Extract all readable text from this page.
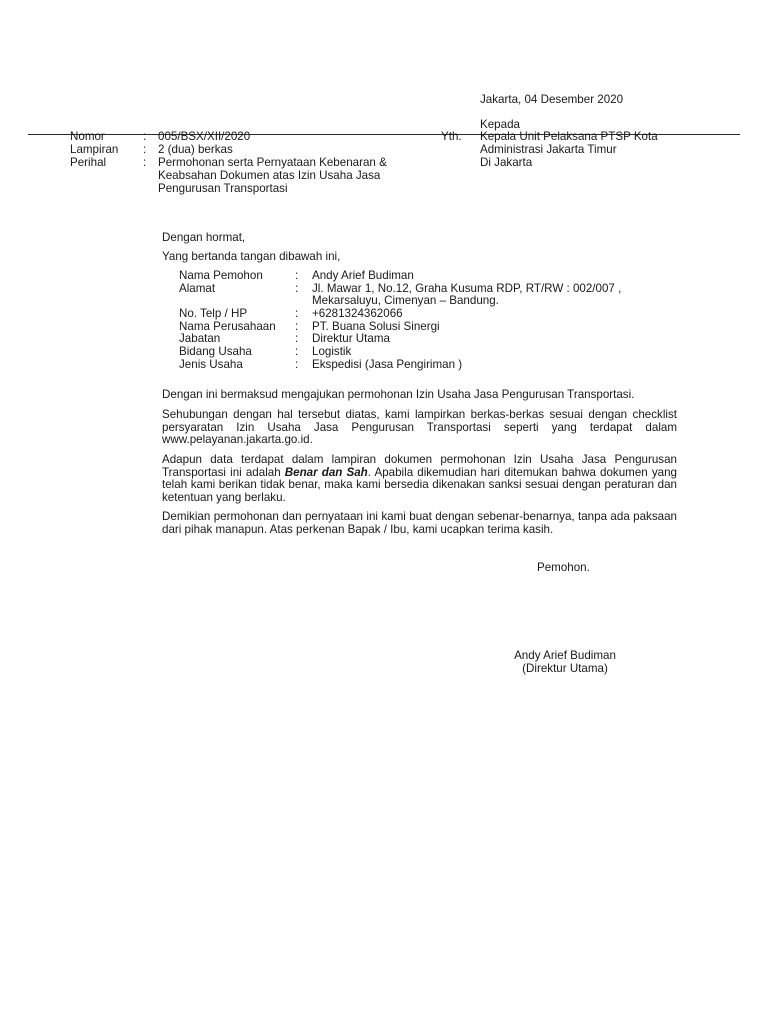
Jakarta, 04 Desember 2020
Kepada
Yth. Kepala Unit Pelaksana PTSP Kota
Administrasi Jakarta Timur
Di Jakarta
Nomor	: 005/BSX/XII/2020
Lampiran : 2 (dua) berkas
Perihal	: Permohonan serta Pernyataan Kebenaran &
Keabsahan Dokumen atas Izin Usaha Jasa
Pengurusan Transportasi
Dengan hormat,
Yang bertanda tangan dibawah ini,
Nama Pemohon	: Andy Arief Budiman
Alamat	: Jl. Mawar 1, No.12, Graha Kusuma RDP, RT/RW : 002/007 ,
Mekarsaluyu, Cimenyan – Bandung.
No. Telp / HP	: +6281324362066
Nama Perusahaan : PT. Buana Solusi Sinergi
Jabatan	: Direktur Utama
Bidang Usaha	: Logistik
Jenis Usaha	: Ekspedisi (Jasa Pengiriman )
Dengan ini bermaksud mengajukan permohonan Izin Usaha Jasa Pengurusan Transportasi.
Sehubungan dengan hal tersebut diatas, kami lampirkan berkas-berkas sesuai dengan checklist persyaratan Izin Usaha Jasa Pengurusan Transportasi seperti yang terdapat dalam www.pelayanan.jakarta.go.id.
Adapun data terdapat dalam lampiran dokumen permohonan Izin Usaha Jasa Pengurusan Transportasi ini adalah Benar dan Sah. Apabila dikemudian hari ditemukan bahwa dokumen yang telah kami berikan tidak benar, maka kami bersedia dikenakan sanksi sesuai dengan peraturan dan ketentuan yang berlaku.
Demikian permohonan dan pernyataan ini kami buat dengan sebenar-benarnya, tanpa ada paksaan dari pihak manapun. Atas perkenan Bapak / Ibu, kami ucapkan terima kasih.
Pemohon.
Andy Arief Budiman
(Direktur Utama)
